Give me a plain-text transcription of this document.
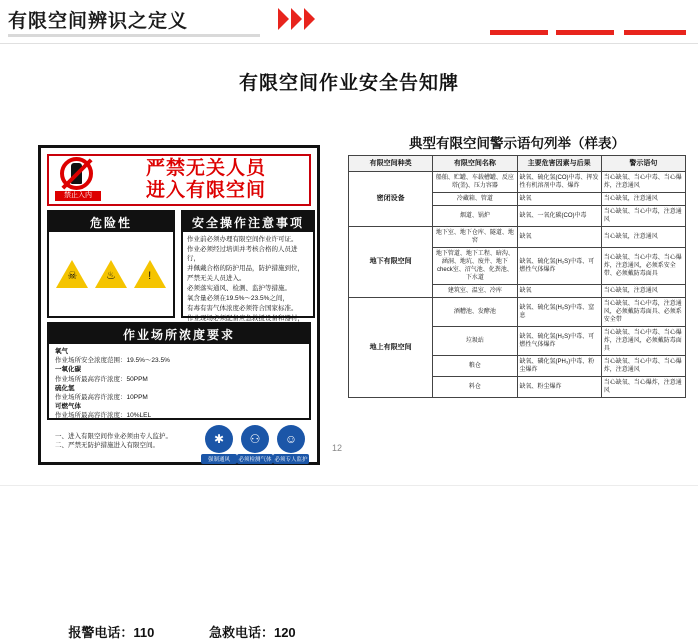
有限空间辨识之定义
有限空间作业安全告知牌
禁止入内
严禁无关人员
进入有限空间
危险性
☠	♨	!
安全操作注意事项
作业前必须办理有限空间作业许可证。
作业必须经过培训并考核合格的人员进行，
并佩戴合格的防护用品，防护措施到位，
严禁无关人员进入。
必须落实通风、检测、监护等措施。
氧含量必须在19.5%～23.5%之间，
有毒有害气体浓度必须符合国家标准。
作业现场必须配备应急救援设备和器材，
作业场所浓度要求
氧气
作业场所安全浓度范围：19.5%～23.5%
一氧化碳
作业场所最高容许浓度：50PPM
硫化氢
作业场所最高容许浓度：10PPM
可燃气体
作业场所最高容许浓度：10%LEL
一、进入有限空间作业必须由专人监护。
二、严禁无防护措施进入有限空间。	✱
强制通风
⚇
必须检测气体
☺
必须专人监护
报警电话：110	急救电话：120
典型有限空间警示语句列举（样表）
有限空间种类	有限空间名称	主要危害因素与后果	警示语句
密闭设备	船舶、贮罐、车载槽罐、反应塔(釜)、压力容器	缺氧、硫化氢(CO)中毒、挥发性有机溶剂中毒、爆炸	当心缺氧、当心中毒、当心爆炸，注意通风
	冷藏箱、管道	缺氧	当心缺氧，注意通风
	烟道、锅炉	缺氧、一氧化碳(CO)中毒	当心缺氧、当心中毒，注意通风
地下有限空间	地下室、地下仓库、隧道、地窖	缺氧	当心缺氧，注意通风
	地下管道、地下工程、暗沟、涵洞、地坑、废井、地下check室、沼气池、化粪池、下水道	缺氧、硫化氢(H₂S)中毒、可燃性气体爆炸	当心缺氧、当心中毒、当心爆炸，注意通风，必须系安全带、必须戴防毒面具
	建筑室、温室、冷库	缺氧	当心缺氧，注意通风
地上有限空间	酒糟池、发酵池	缺氧、硫化氢(H₂S)中毒、窒息	当心缺氧、当心中毒，注意通风，必须戴防毒面具、必须系安全带
	垃圾站	缺氧、硫化氢(H₂S)中毒、可燃性气体爆炸	当心缺氧、当心中毒、当心爆炸，注意通风，必须戴防毒面具
	粮仓	缺氧、磷化氢(PH₃)中毒、粉尘爆炸	当心缺氧、当心中毒、当心爆炸，注意通风
	料仓	缺氧、粉尘爆炸	当心缺氧、当心爆炸，注意通风
12
